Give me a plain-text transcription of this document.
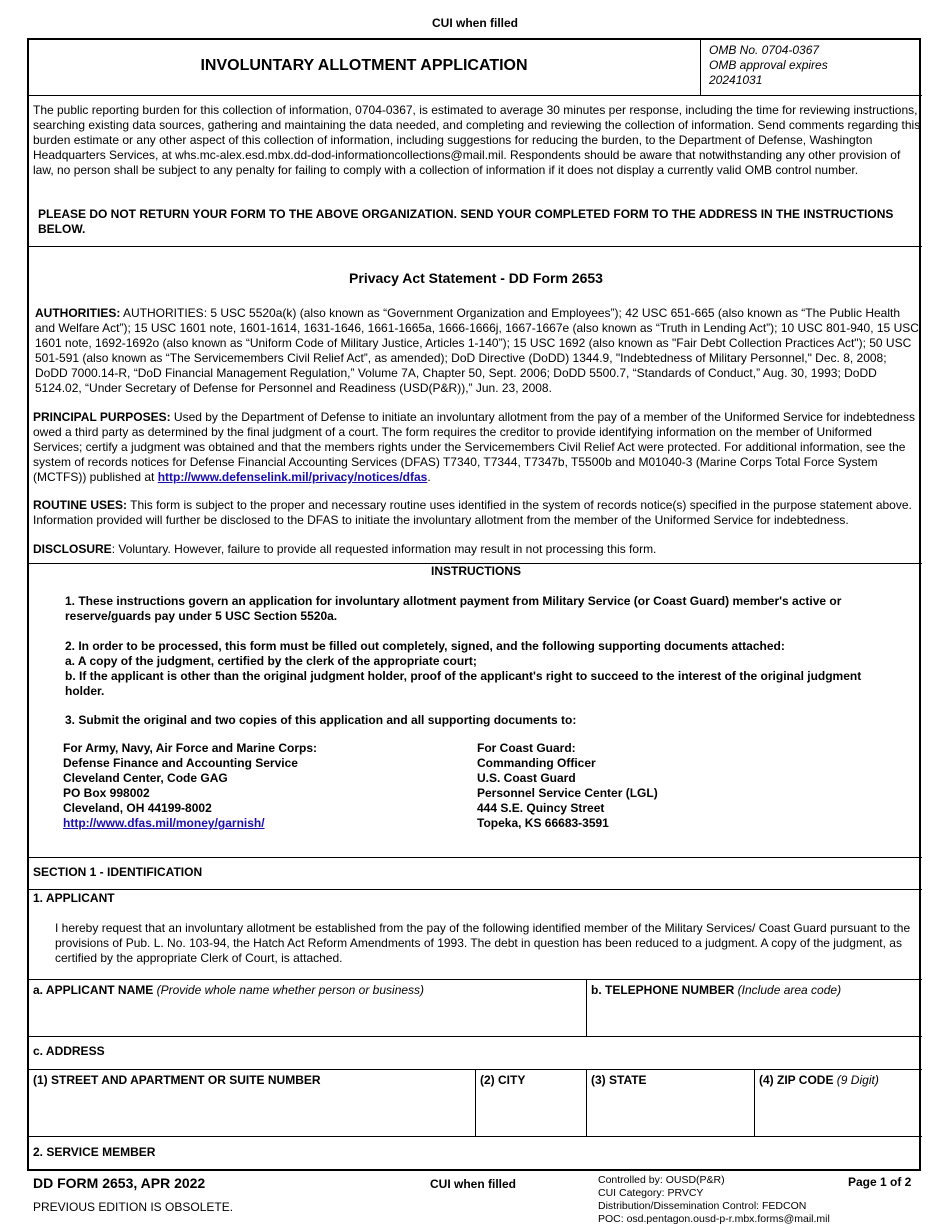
CUI when filled
INVOLUNTARY ALLOTMENT APPLICATION
OMB No. 0704-0367
OMB approval expires
20241031
The public reporting burden for this collection of information, 0704-0367, is estimated to average 30 minutes per response, including the time for reviewing instructions, searching existing data sources, gathering and maintaining the data needed, and completing and reviewing the collection of information. Send comments regarding this burden estimate or any other aspect of this collection of information, including suggestions for reducing the burden, to the Department of Defense, Washington Headquarters Services, at whs.mc-alex.esd.mbx.dd-dod-informationcollections@mail.mil. Respondents should be aware that notwithstanding any other provision of law, no person shall be subject to any penalty for failing to comply with a collection of information if it does not display a currently valid OMB control number.
PLEASE DO NOT RETURN YOUR FORM TO THE ABOVE ORGANIZATION. SEND YOUR COMPLETED FORM TO THE ADDRESS IN THE INSTRUCTIONS BELOW.
Privacy Act Statement - DD Form 2653
AUTHORITIES: AUTHORITIES: 5 USC 5520a(k) (also known as “Government Organization and Employees”); 42 USC 651-665 (also known as “The Public Health and Welfare Act”); 15 USC 1601 note, 1601-1614, 1631-1646, 1661-1665a, 1666-1666j, 1667-1667e (also known as “Truth in Lending Act”); 10 USC 801-940, 15 USC 1601 note, 1692-1692o (also known as “Uniform Code of Military Justice, Articles 1-140”); 15 USC 1692 (also known as "Fair Debt Collection Practices Act"); 50 USC 501-591 (also known as “The Servicemembers Civil Relief Act”, as amended); DoD Directive (DoDD) 1344.9, "Indebtedness of Military Personnel," Dec. 8, 2008; DoDD 7000.14-R, “DoD Financial Management Regulation,” Volume 7A, Chapter 50, Sept. 2006; DoDD 5500.7, “Standards of Conduct,” Aug. 30, 1993; DoDD 5124.02, “Under Secretary of Defense for Personnel and Readiness (USD(P&R)),” Jun. 23, 2008.
PRINCIPAL PURPOSES: Used by the Department of Defense to initiate an involuntary allotment from the pay of a member of the Uniformed Service for indebtedness owed a third party as determined by the final judgment of a court. The form requires the creditor to provide identifying information on the member of Uniformed Services; certify a judgment was obtained and that the members rights under the Servicemembers Civil Relief Act were protected. For additional information, see the system of records notices for Defense Financial Accounting Services (DFAS) T7340, T7344, T7347b, T5500b and M01040-3 (Marine Corps Total Force System (MCTFS)) published at http://www.defenselink.mil/privacy/notices/dfas.
ROUTINE USES: This form is subject to the proper and necessary routine uses identified in the system of records notice(s) specified in the purpose statement above. Information provided will further be disclosed to the DFAS to initiate the involuntary allotment from the member of the Uniformed Service for indebtedness.
DISCLOSURE: Voluntary. However, failure to provide all requested information may result in not processing this form.
INSTRUCTIONS
1. These instructions govern an application for involuntary allotment payment from Military Service (or Coast Guard) member's active or reserve/guards pay under 5 USC Section 5520a.
2. In order to be processed, this form must be filled out completely, signed, and the following supporting documents attached:
a. A copy of the judgment, certified by the clerk of the appropriate court;
b. If the applicant is other than the original judgment holder, proof of the applicant's right to succeed to the interest of the original judgment holder.
3. Submit the original and two copies of this application and all supporting documents to:
For Army, Navy, Air Force and Marine Corps:
Defense Finance and Accounting Service
Cleveland Center, Code GAG
PO Box 998002
Cleveland, OH 44199-8002
http://www.dfas.mil/money/garnish/
For Coast Guard:
Commanding Officer
U.S. Coast Guard
Personnel Service Center (LGL)
444 S.E. Quincy Street
Topeka, KS 66683-3591
SECTION 1 - IDENTIFICATION
1. APPLICANT
I hereby request that an involuntary allotment be established from the pay of the following identified member of the Military Services/ Coast Guard pursuant to the provisions of Pub. L. No. 103-94, the Hatch Act Reform Amendments of 1993. The debt in question has been reduced to a judgment. A copy of the judgment, as certified by the appropriate Clerk of Court, is attached.
a. APPLICANT NAME (Provide whole name whether person or business)	b. TELEPHONE NUMBER (Include area code)
c. ADDRESS
(1) STREET AND APARTMENT OR SUITE NUMBER	(2) CITY	(3) STATE	(4) ZIP CODE (9 Digit)
2. SERVICE MEMBER
DD FORM 2653, APR 2022
PREVIOUS EDITION IS OBSOLETE.
CUI when filled	Controlled by: OUSD(P&R)
CUI Category: PRVCY
Distribution/Dissemination Control: FEDCON
POC: osd.pentagon.ousd-p-r.mbx.forms@mail.mil
Page 1 of 2
